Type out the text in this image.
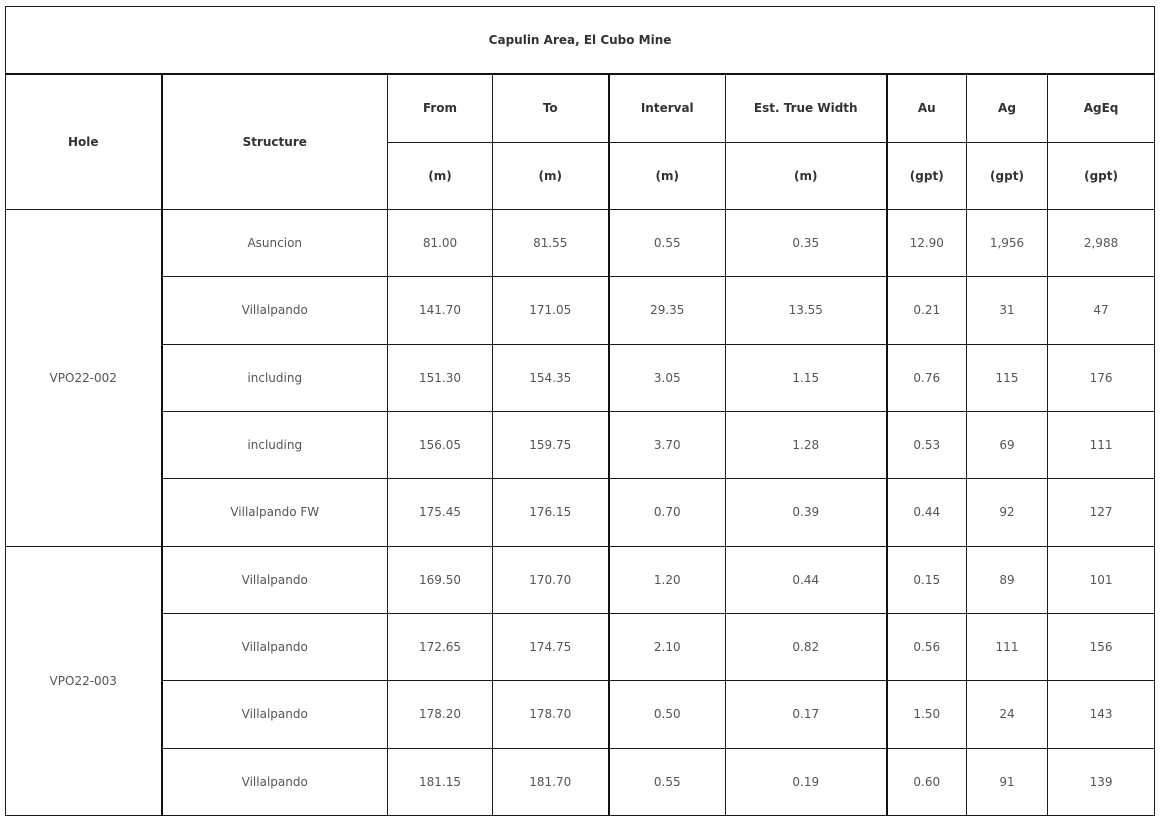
Capulin Area, El Cubo Mine								
Hole	Structure	From	To	Interval	Est. True Width	Au	Ag	AgEq
		(m)	(m)	(m)	(m)	(gpt)	(gpt)	(gpt)
VPO22-002	Asuncion	81.00	81.55	0.55	0.35	12.90	1,956	2,988
	Villalpando	141.70	171.05	29.35	13.55	0.21	31	47
	including	151.30	154.35	3.05	1.15	0.76	115	176
	including	156.05	159.75	3.70	1.28	0.53	69	111
	Villalpando FW	175.45	176.15	0.70	0.39	0.44	92	127
VPO22-003	Villalpando	169.50	170.70	1.20	0.44	0.15	89	101
	Villalpando	172.65	174.75	2.10	0.82	0.56	111	156
	Villalpando	178.20	178.70	0.50	0.17	1.50	24	143
	Villalpando	181.15	181.70	0.55	0.19	0.60	91	139
